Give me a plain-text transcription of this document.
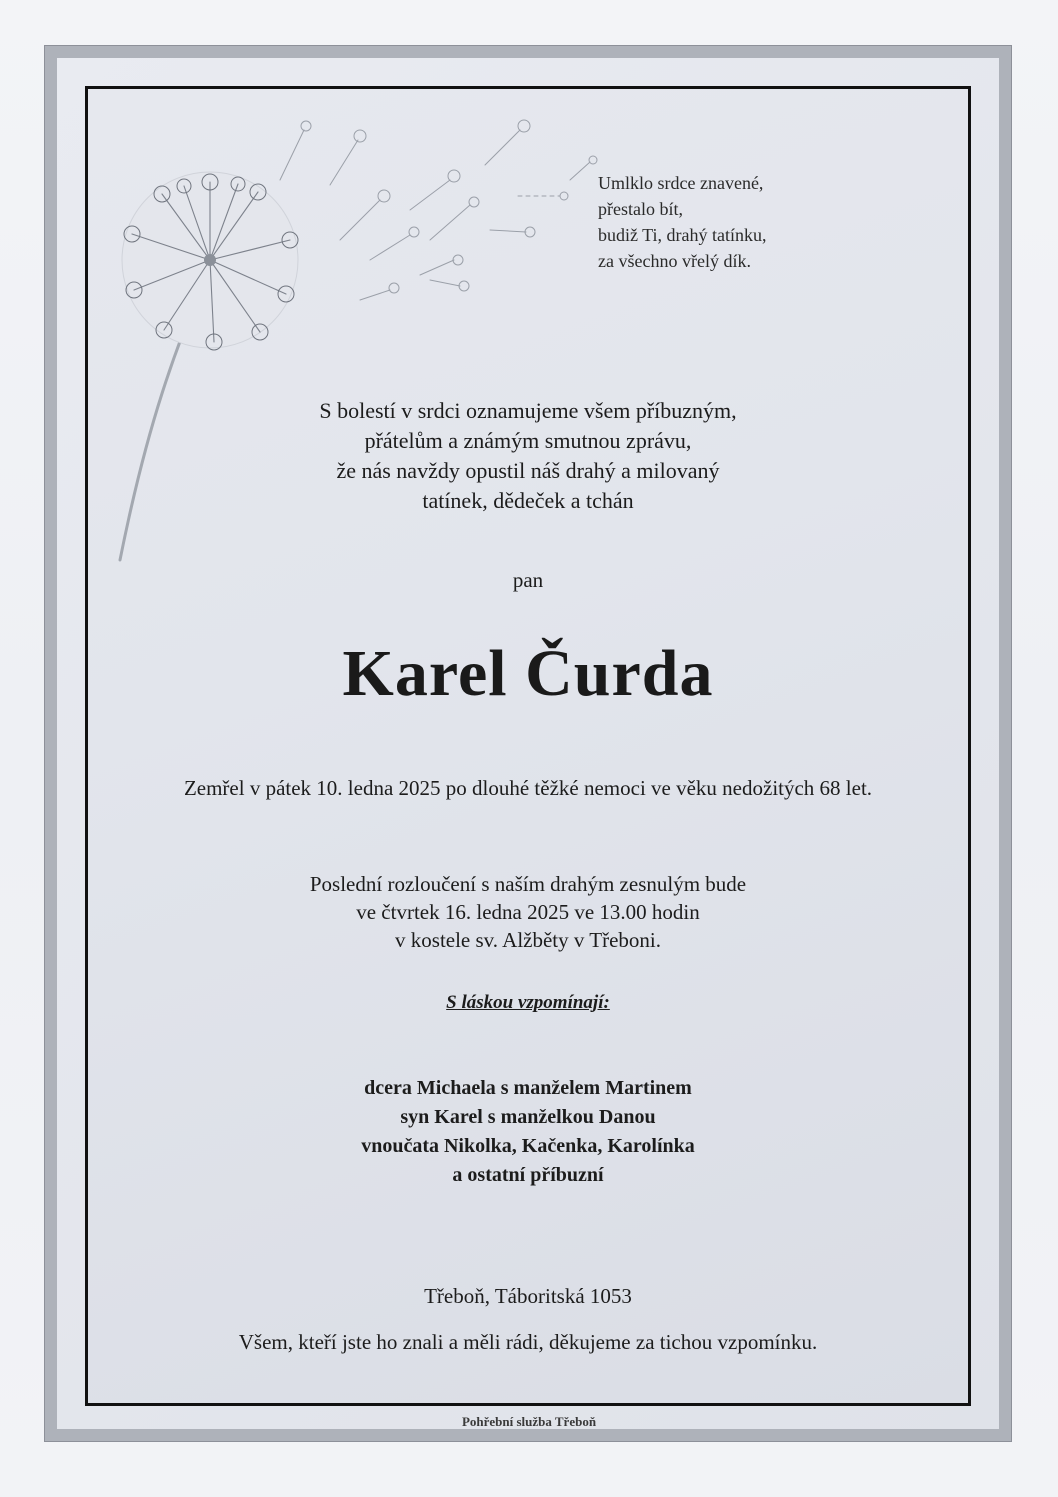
Umlklo srdce znavené,
přestalo bít,
budiž Ti, drahý tatínku,
za všechno vřelý dík.
S bolestí v srdci oznamujeme všem příbuzným,
přátelům a známým smutnou zprávu,
že nás navždy opustil náš drahý a milovaný
tatínek, dědeček a tchán
pan
Karel Čurda
Zemřel v pátek 10. ledna 2025 po dlouhé těžké nemoci ve věku nedožitých 68 let.
Poslední rozloučení s naším drahým zesnulým bude
ve čtvrtek 16. ledna 2025 ve 13.00 hodin
v kostele sv. Alžběty v Třeboni.
S láskou vzpomínají:
dcera Michaela s manželem Martinem
syn Karel s manželkou Danou
vnoučata Nikolka, Kačenka, Karolínka
a ostatní příbuzní
Třeboň, Táboritská 1053
Všem, kteří jste ho znali a měli rádi, děkujeme za tichou vzpomínku.
Pohřební služba Třeboň
